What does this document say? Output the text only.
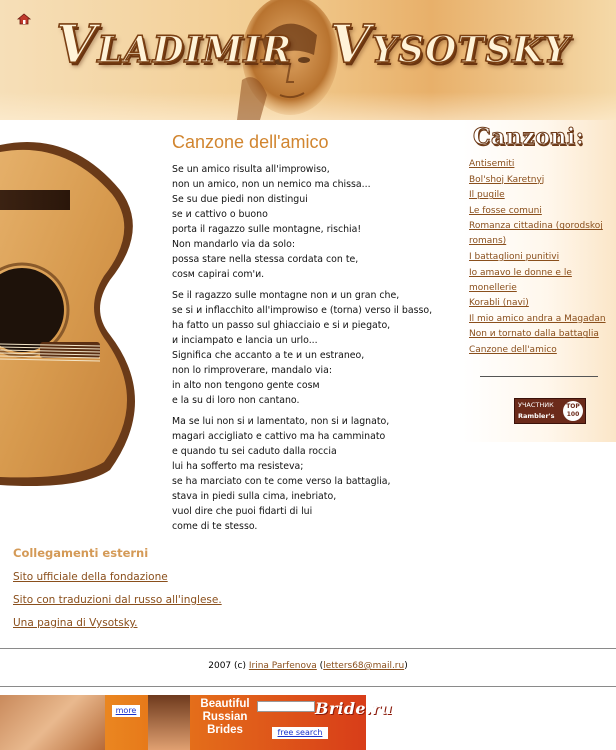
Vladimir Vysotsky
Canzone dell'amico
Se un amico risulta all'improwiso,
non un amico, non un nemico ma chissa...
Se su due piedi non distingui
se и cattivo o buono
porta il ragazzo sulle montagne, rischia!
Non mandarlo via da solo:
possa stare nella stessa cordata con te,
cosм capirai com'и.
Se il ragazzo sulle montagne non и un gran che,
se si и inflacchito all'improwiso e (torna) verso il basso,
ha fatto un passo sul ghiacciaio e si и piegato,
и inciampato e lancia un urlo...
Significa che accanto a te и un estraneo,
non lo rimproverare, mandalo via:
in alto non tengono gente cosм
e la su di loro non cantano.
Ma se lui non si и lamentato, non si и lagnato,
magari accigliato e cattivo ma ha camminato
e quando tu sei caduto dalla roccia
lui ha sofferto ma resisteva;
se ha marciato con te come verso la battaglia,
stava in piedi sulla cima, inebriato,
vuol dire che puoi fidarti di lui
come di te stesso.
Canzoni:
Antisemiti
Bol'shoj Karetnyj
Il pugile
Le fosse comuni
Romanza cittadina (gorodskoj romans)
I battaglioni punitivi
Io amavo le donne e le monellerie
Korabli (navi)
Il mio amico andra a Magadan
Non и tornato dalla battaglia
Canzone dell'amico
УЧАСТНИК
Rambler's
TOP 100
Collegamenti esterni
Sito ufficiale della fondazione
Sito con traduzioni dal russo all'inglese.
Una pagina di Vysotsky.
2007 (c) Irina Parfenova (letters68@mail.ru)
more
Beautiful Russian Brides
Bride.ru
free search
